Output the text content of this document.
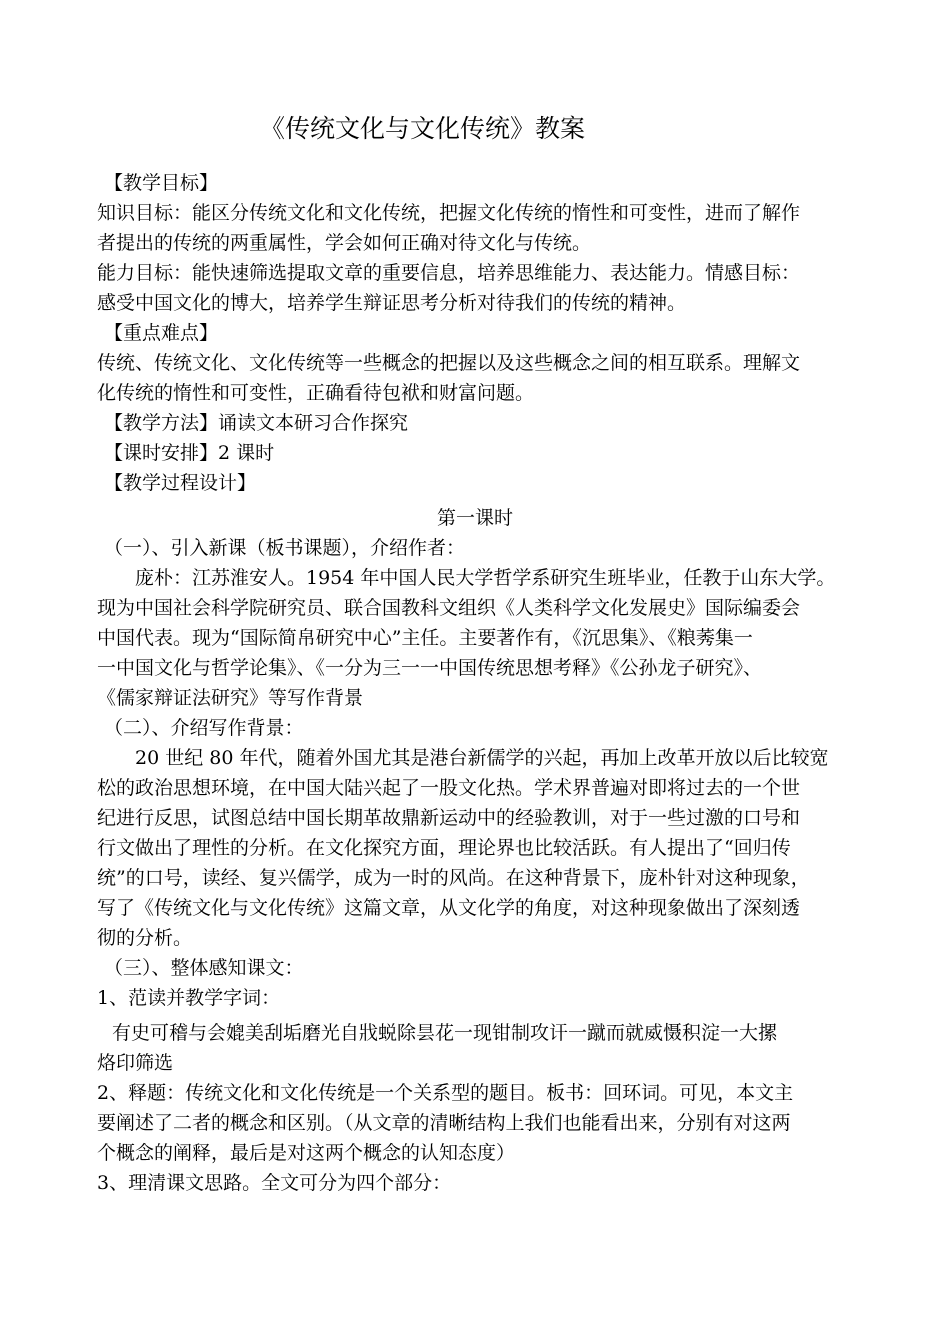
《传统文化与文化传统》教案
【教学目标】
知识目标：能区分传统文化和文化传统，把握文化传统的惰性和可变性，进而了解作
者提出的传统的两重属性，学会如何正确对待文化与传统。
能力目标：能快速筛选提取文章的重要信息，培养思维能力、表达能力。情感目标：
感受中国文化的博大，培养学生辩证思考分析对待我们的传统的精神。
【重点难点】
传统、传统文化、文化传统等一些概念的把握以及这些概念之间的相互联系。理解文
化传统的惰性和可变性，正确看待包袱和财富问题。
【教学方法】诵读文本研习合作探究
【课时安排】2 课时
【教学过程设计】
第一课时
（一）、引入新课（板书课题），介绍作者：
庞朴：江苏淮安人。1954 年中国人民大学哲学系研究生班毕业，任教于山东大学。
现为中国社会科学院研究员、联合国教科文组织《人类科学文化发展史》国际编委会
中国代表。现为“国际简帛研究中心”主任。主要著作有，《沉思集》、《粮莠集一
一中国文化与哲学论集》、《一分为三一一中国传统思想考释》《公孙龙子研究》、
《儒家辩证法研究》等写作背景
（二）、介绍写作背景：
20 世纪 80 年代，随着外国尤其是港台新儒学的兴起，再加上改革开放以后比较宽
松的政治思想环境，在中国大陆兴起了一股文化热。学术界普遍对即将过去的一个世
纪进行反思，试图总结中国长期革故鼎新运动中的经验教训，对于一些过激的口号和
行文做出了理性的分析。在文化探究方面，理论界也比较活跃。有人提出了“回归传
统”的口号，读经、复兴儒学，成为一时的风尚。在这种背景下，庞朴针对这种现象，
写了《传统文化与文化传统》这篇文章，从文化学的角度，对这种现象做出了深刻透
彻的分析。
（三）、整体感知课文：
1、范读并教学字词：
有史可稽与会媲美刮垢磨光自戕蜕除昙花一现钳制攻讦一蹴而就威慑积淀一大摞
烙印筛选
2、释题：传统文化和文化传统是一个关系型的题目。板书：回环词。可见，本文主
要阐述了二者的概念和区别。（从文章的清晰结构上我们也能看出来，分别有对这两
个概念的阐释，最后是对这两个概念的认知态度）
3、理清课文思路。全文可分为四个部分：
